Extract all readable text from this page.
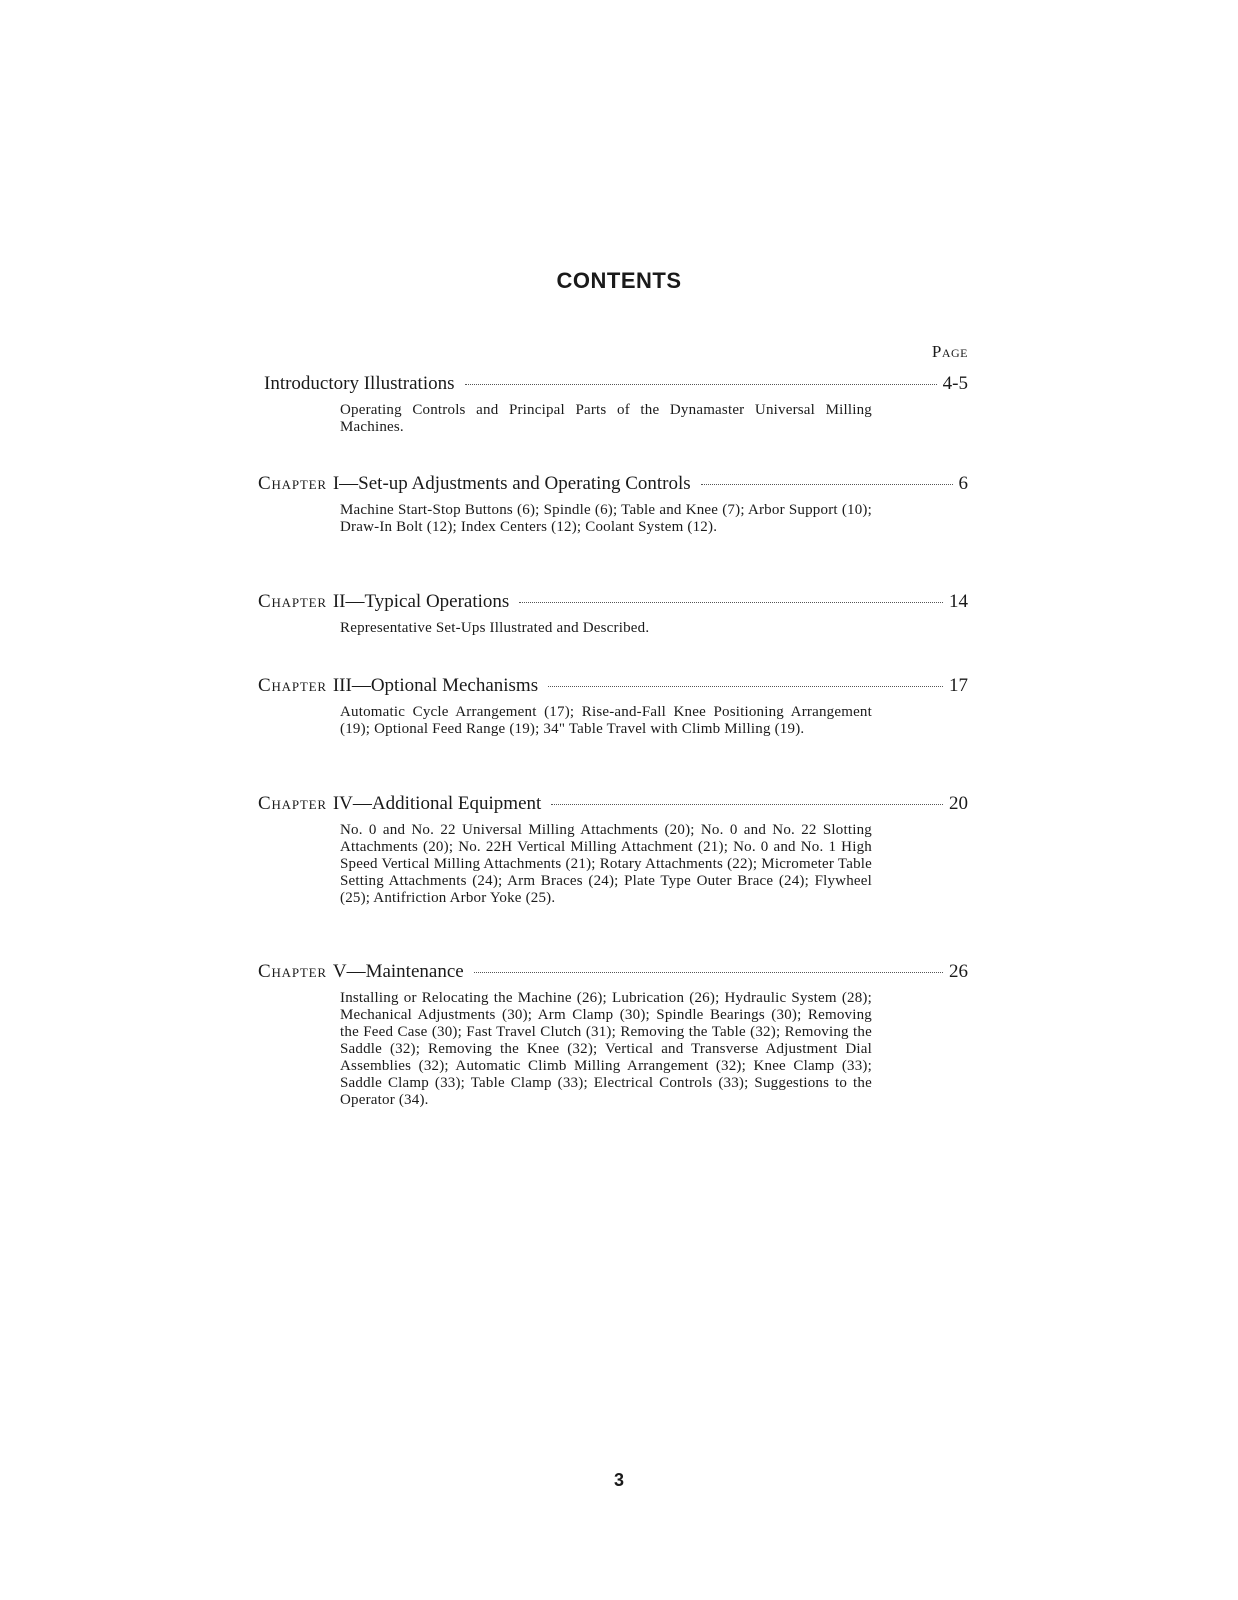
CONTENTS
Page
Introductory Illustrations	4-5
Operating Controls and Principal Parts of the Dynamaster Universal Milling Machines.
Chapter I—Set-up Adjustments and Operating Controls	6
Machine Start-Stop Buttons (6); Spindle (6); Table and Knee (7); Arbor Support (10); Draw-In Bolt (12); Index Centers (12); Coolant System (12).
Chapter II—Typical Operations	14
Representative Set-Ups Illustrated and Described.
Chapter III—Optional Mechanisms	17
Automatic Cycle Arrangement (17); Rise-and-Fall Knee Positioning Arrangement (19); Optional Feed Range (19); 34" Table Travel with Climb Milling (19).
Chapter IV—Additional Equipment	20
No. 0 and No. 22 Universal Milling Attachments (20); No. 0 and No. 22 Slotting Attachments (20); No. 22H Vertical Milling Attachment (21); No. 0 and No. 1 High Speed Vertical Milling Attachments (21); Rotary Attachments (22); Micrometer Table Setting Attachments (24); Arm Braces (24); Plate Type Outer Brace (24); Flywheel (25); Antifriction Arbor Yoke (25).
Chapter V—Maintenance	26
Installing or Relocating the Machine (26); Lubrication (26); Hydraulic System (28); Mechanical Adjustments (30); Arm Clamp (30); Spindle Bearings (30); Removing the Feed Case (30); Fast Travel Clutch (31); Removing the Table (32); Removing the Saddle (32); Removing the Knee (32); Vertical and Transverse Adjustment Dial Assemblies (32); Automatic Climb Milling Arrangement (32); Knee Clamp (33); Saddle Clamp (33); Table Clamp (33); Electrical Controls (33); Suggestions to the Operator (34).
3
